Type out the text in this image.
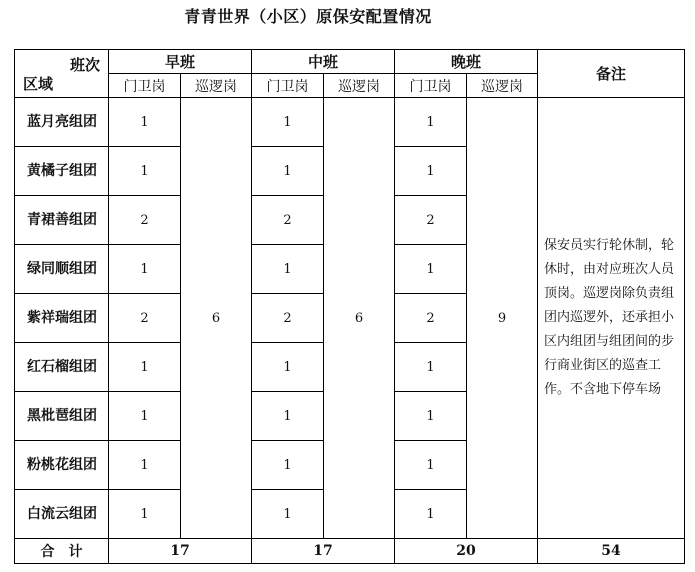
青青世界（小区）原保安配置情况
班次
区域	早班		中班		晚班		备注
	门卫岗	巡逻岗	门卫岗	巡逻岗	门卫岗	巡逻岗	
蓝月亮组团	1	6	1	6	1	9	保安员实行轮休制，轮休时，由对应班次人员顶岗。巡逻岗除负责组团内巡逻外，还承担小区内组团与组团间的步行商业街区的巡查工作。不含地下停车场
黄橘子组团	1		1		1		
青裙善组团	2		2		2		
绿同顺组团	1		1		1		
紫祥瑞组团	2		2		2		
红石榴组团	1		1		1		
黑枇琶组团	1		1		1		
粉桃花组团	1		1		1		
白流云组团	1		1		1		
合　计	17		17		20		54
